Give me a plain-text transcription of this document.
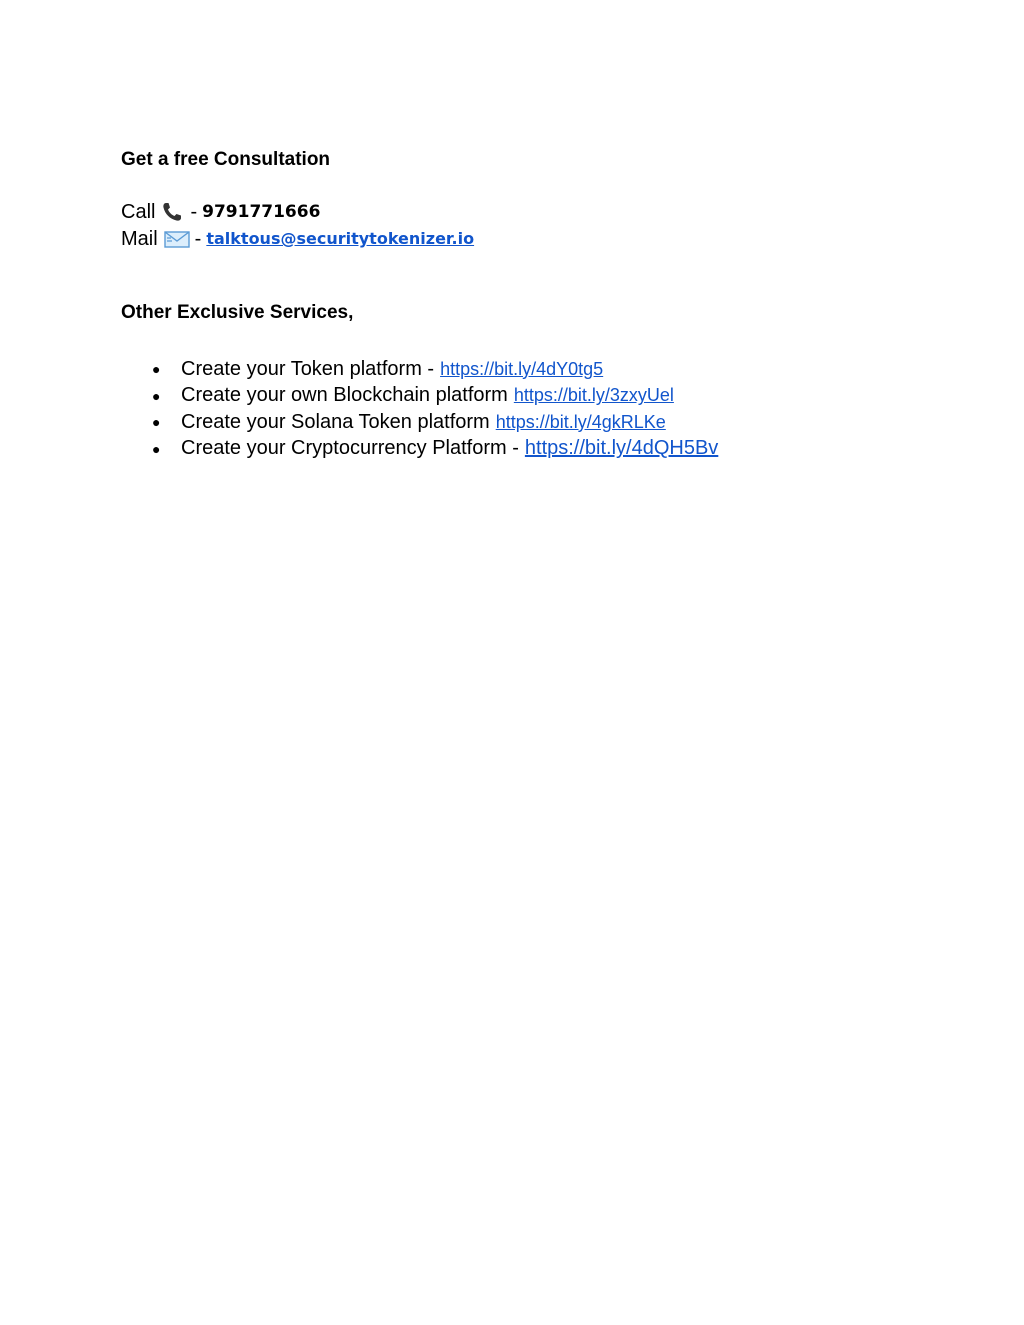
Get a free Consultation
Call - 9791771666
Mail - talktous@securitytokenizer.io
Other Exclusive Services,
●	Create your Token platform - https://bit.ly/4dY0tg5
●	Create your own Blockchain platform https://bit.ly/3zxyUel
●	Create your Solana Token platform https://bit.ly/4gkRLKe
●	Create your Cryptocurrency Platform - https://bit.ly/4dQH5Bv
